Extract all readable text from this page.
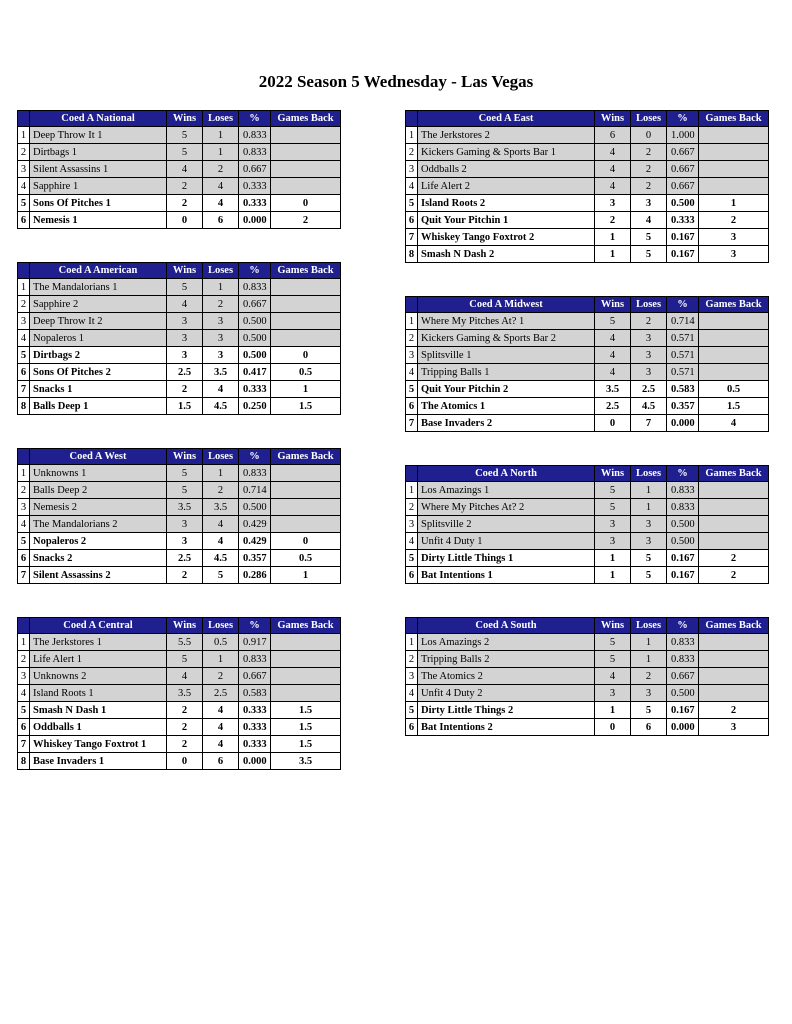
2022 Season 5 Wednesday - Las Vegas
	Coed A National	Wins	Loses	%	Games Back
1	Deep Throw It 1	5	1	0.833	
2	Dirtbags 1	5	1	0.833	
3	Silent Assassins 1	4	2	0.667	
4	Sapphire 1	2	4	0.333	
5	Sons Of Pitches 1	2	4	0.333	0
6	Nemesis 1	0	6	0.000	2
	Coed A East	Wins	Loses	%	Games Back
1	The Jerkstores 2	6	0	1.000	
2	Kickers Gaming & Sports Bar 1	4	2	0.667	
3	Oddballs 2	4	2	0.667	
4	Life Alert 2	4	2	0.667	
5	Island Roots 2	3	3	0.500	1
6	Quit Your Pitchin 1	2	4	0.333	2
7	Whiskey Tango Foxtrot 2	1	5	0.167	3
8	Smash N Dash 2	1	5	0.167	3
	Coed A American	Wins	Loses	%	Games Back
1	The Mandalorians 1	5	1	0.833	
2	Sapphire 2	4	2	0.667	
3	Deep Throw It 2	3	3	0.500	
4	Nopaleros 1	3	3	0.500	
5	Dirtbags 2	3	3	0.500	0
6	Sons Of Pitches 2	2.5	3.5	0.417	0.5
7	Snacks 1	2	4	0.333	1
8	Balls Deep 1	1.5	4.5	0.250	1.5
	Coed A Midwest	Wins	Loses	%	Games Back
1	Where My Pitches At? 1	5	2	0.714	
2	Kickers Gaming & Sports Bar 2	4	3	0.571	
3	Splitsville 1	4	3	0.571	
4	Tripping Balls 1	4	3	0.571	
5	Quit Your Pitchin 2	3.5	2.5	0.583	0.5
6	The Atomics 1	2.5	4.5	0.357	1.5
7	Base Invaders 2	0	7	0.000	4
	Coed A West	Wins	Loses	%	Games Back
1	Unknowns 1	5	1	0.833	
2	Balls Deep 2	5	2	0.714	
3	Nemesis 2	3.5	3.5	0.500	
4	The Mandalorians 2	3	4	0.429	
5	Nopaleros 2	3	4	0.429	0
6	Snacks 2	2.5	4.5	0.357	0.5
7	Silent Assassins 2	2	5	0.286	1
	Coed A North	Wins	Loses	%	Games Back
1	Los Amazings 1	5	1	0.833	
2	Where My Pitches At? 2	5	1	0.833	
3	Splitsville 2	3	3	0.500	
4	Unfit 4 Duty 1	3	3	0.500	
5	Dirty Little Things 1	1	5	0.167	2
6	Bat Intentions 1	1	5	0.167	2
	Coed A Central	Wins	Loses	%	Games Back
1	The Jerkstores 1	5.5	0.5	0.917	
2	Life Alert 1	5	1	0.833	
3	Unknowns 2	4	2	0.667	
4	Island Roots 1	3.5	2.5	0.583	
5	Smash N Dash 1	2	4	0.333	1.5
6	Oddballs 1	2	4	0.333	1.5
7	Whiskey Tango Foxtrot 1	2	4	0.333	1.5
8	Base Invaders 1	0	6	0.000	3.5
	Coed A South	Wins	Loses	%	Games Back
1	Los Amazings 2	5	1	0.833	
2	Tripping Balls 2	5	1	0.833	
3	The Atomics 2	4	2	0.667	
4	Unfit 4 Duty 2	3	3	0.500	
5	Dirty Little Things 2	1	5	0.167	2
6	Bat Intentions 2	0	6	0.000	3
